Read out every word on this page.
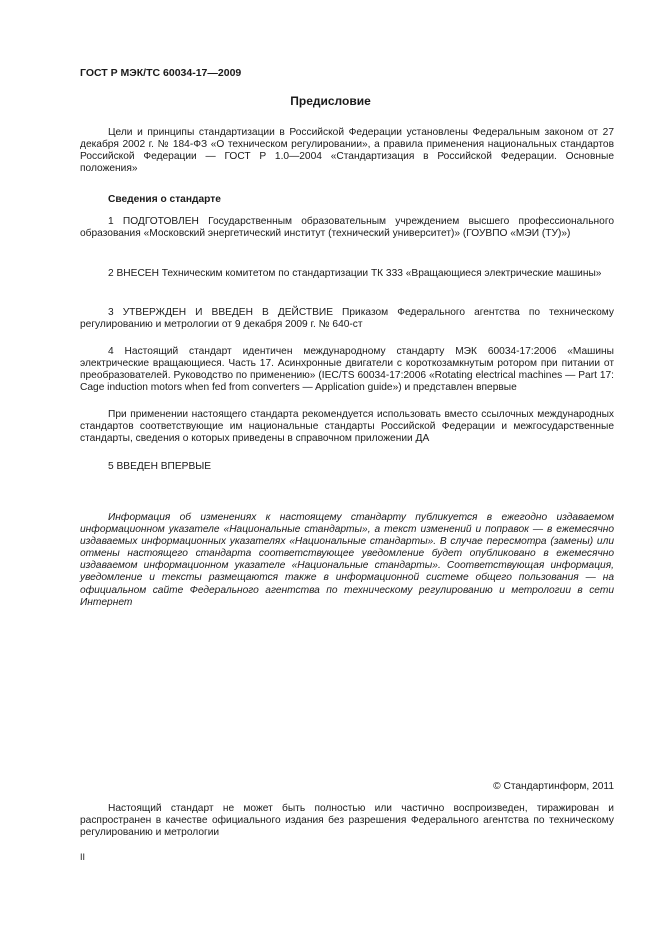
ГОСТ Р МЭК/ТС 60034-17—2009
Предисловие
Цели и принципы стандартизации в Российской Федерации установлены Федеральным законом от 27 декабря 2002 г. № 184-ФЗ «О техническом регулировании», а правила применения национальных стандартов Российской Федерации — ГОСТ Р 1.0—2004 «Стандартизация в Российской Федерации. Основные положения»
Сведения о стандарте
1 ПОДГОТОВЛЕН Государственным образовательным учреждением высшего профессионального образования «Московский энергетический институт (технический университет)» (ГОУВПО «МЭИ (ТУ)»)
2 ВНЕСЕН Техническим комитетом по стандартизации ТК 333 «Вращающиеся электрические машины»
3 УТВЕРЖДЕН И ВВЕДЕН В ДЕЙСТВИЕ Приказом Федерального агентства по техническому регулированию и метрологии от 9 декабря 2009 г. № 640-ст
4 Настоящий стандарт идентичен международному стандарту МЭК 60034-17:2006 «Машины электрические вращающиеся. Часть 17. Асинхронные двигатели с короткозамкнутым ротором при питании от преобразователей. Руководство по применению» (IEC/TS 60034-17:2006 «Rotating electrical machines — Part 17: Cage induction motors when fed from converters — Application guide») и представлен впервые
При применении настоящего стандарта рекомендуется использовать вместо ссылочных международных стандартов соответствующие им национальные стандарты Российской Федерации и межгосударственные стандарты, сведения о которых приведены в справочном приложении ДА
5 ВВЕДЕН ВПЕРВЫЕ
Информация об изменениях к настоящему стандарту публикуется в ежегодно издаваемом информационном указателе «Национальные стандарты», а текст изменений и поправок — в ежемесячно издаваемых информационных указателях «Национальные стандарты». В случае пересмотра (замены) или отмены настоящего стандарта соответствующее уведомление будет опубликовано в ежемесячно издаваемом информационном указателе «Национальные стандарты». Соответствующая информация, уведомление и тексты размещаются также в информационной системе общего пользования — на официальном сайте Федерального агентства по техническому регулированию и метрологии в сети Интернет
© Стандартинформ, 2011
Настоящий стандарт не может быть полностью или частично воспроизведен, тиражирован и распространен в качестве официального издания без разрешения Федерального агентства по техническому регулированию и метрологии
II
